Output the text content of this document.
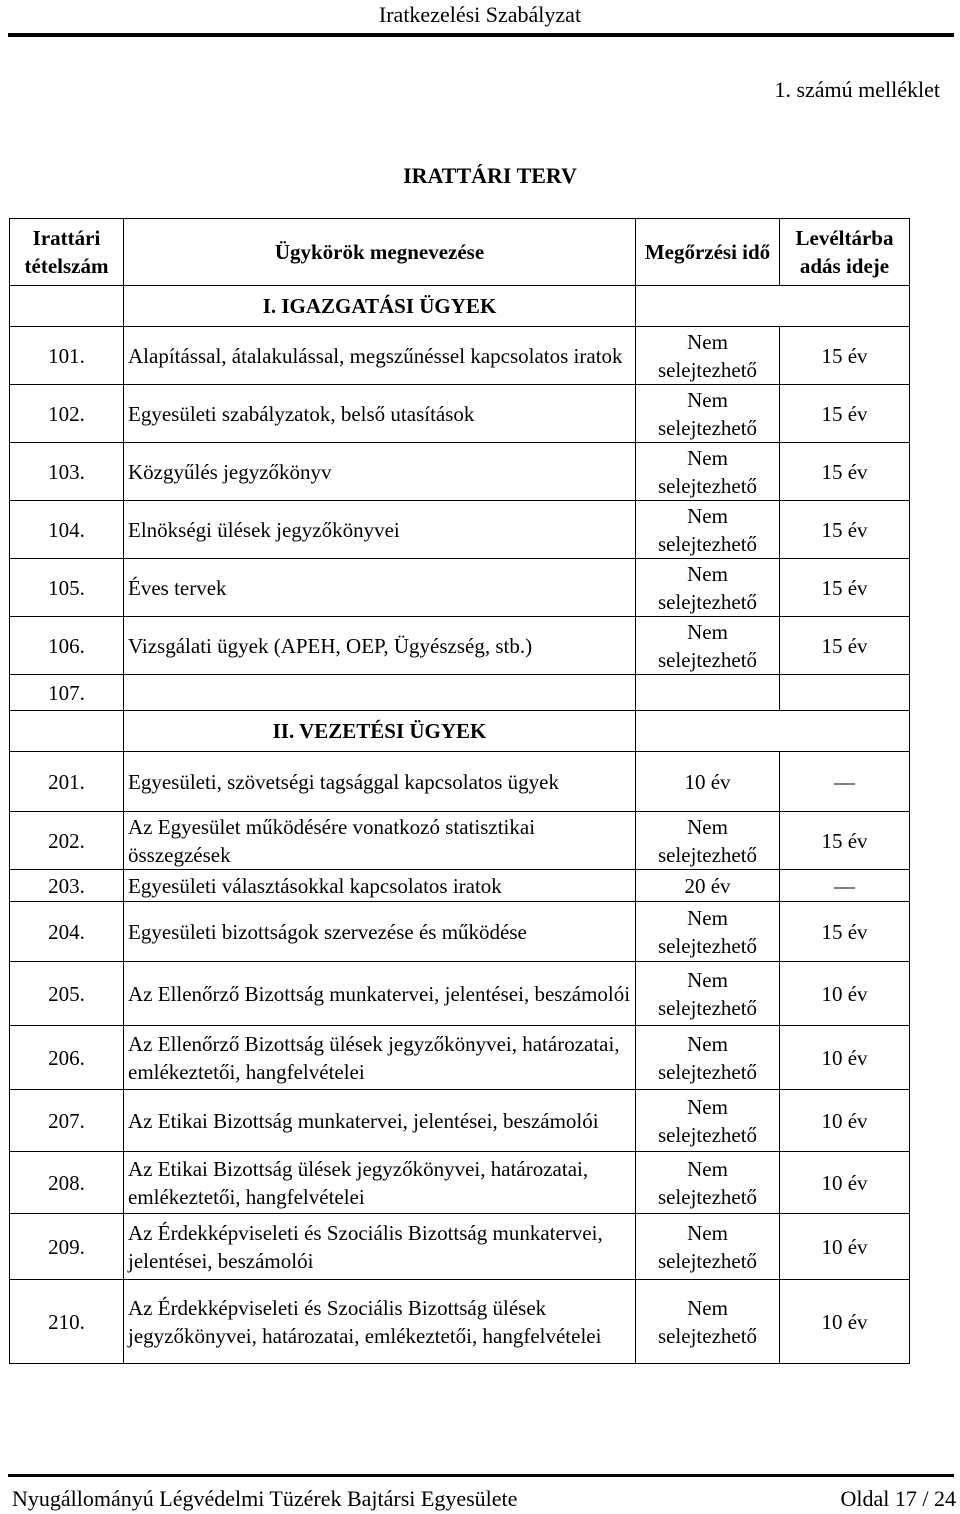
Iratkezelési Szabályzat
1. számú melléklet
IRATTÁRI TERV
Irattári tételszám	Ügykörök megnevezése	Megőrzési idő	Levéltárba adás ideje
	I. IGAZGATÁSI ÜGYEK		
101.	Alapítással, átalakulással, megszűnéssel kapcsolatos iratok	Nem selejtezhető	15 év
102.	Egyesületi szabályzatok, belső utasítások	Nem selejtezhető	15 év
103.	Közgyűlés jegyzőkönyv	Nem selejtezhető	15 év
104.	Elnökségi ülések jegyzőkönyvei	Nem selejtezhető	15 év
105.	Éves tervek	Nem selejtezhető	15 év
106.	Vizsgálati ügyek (APEH, OEP, Ügyészség, stb.)	Nem selejtezhető	15 év
107.			
	II. VEZETÉSI ÜGYEK		
201.	Egyesületi, szövetségi tagsággal kapcsolatos ügyek	10 év	—
202.	Az Egyesület működésére vonatkozó statisztikai összegzések	Nem selejtezhető	15 év
203.	Egyesületi választásokkal kapcsolatos iratok	20 év	—
204.	Egyesületi bizottságok szervezése és működése	Nem selejtezhető	15 év
205.	Az Ellenőrző Bizottság munkatervei, jelentései, beszámolói	Nem selejtezhető	10 év
206.	Az Ellenőrző Bizottság ülések jegyzőkönyvei, határozatai, emlékeztetői, hangfelvételei	Nem selejtezhető	10 év
207.	Az Etikai Bizottság munkatervei, jelentései, beszámolói	Nem selejtezhető	10 év
208.	Az Etikai Bizottság ülések jegyzőkönyvei, határozatai, emlékeztetői, hangfelvételei	Nem selejtezhető	10 év
209.	Az Érdekképviseleti és Szociális Bizottság munkatervei, jelentései, beszámolói	Nem selejtezhető	10 év
210.	Az Érdekképviseleti és Szociális Bizottság ülések jegyzőkönyvei, határozatai, emlékeztetői, hangfelvételei	Nem selejtezhető	10 év
Nyugállományú Légvédelmi Tüzérek Bajtársi Egyesülete	Oldal 17 / 24
